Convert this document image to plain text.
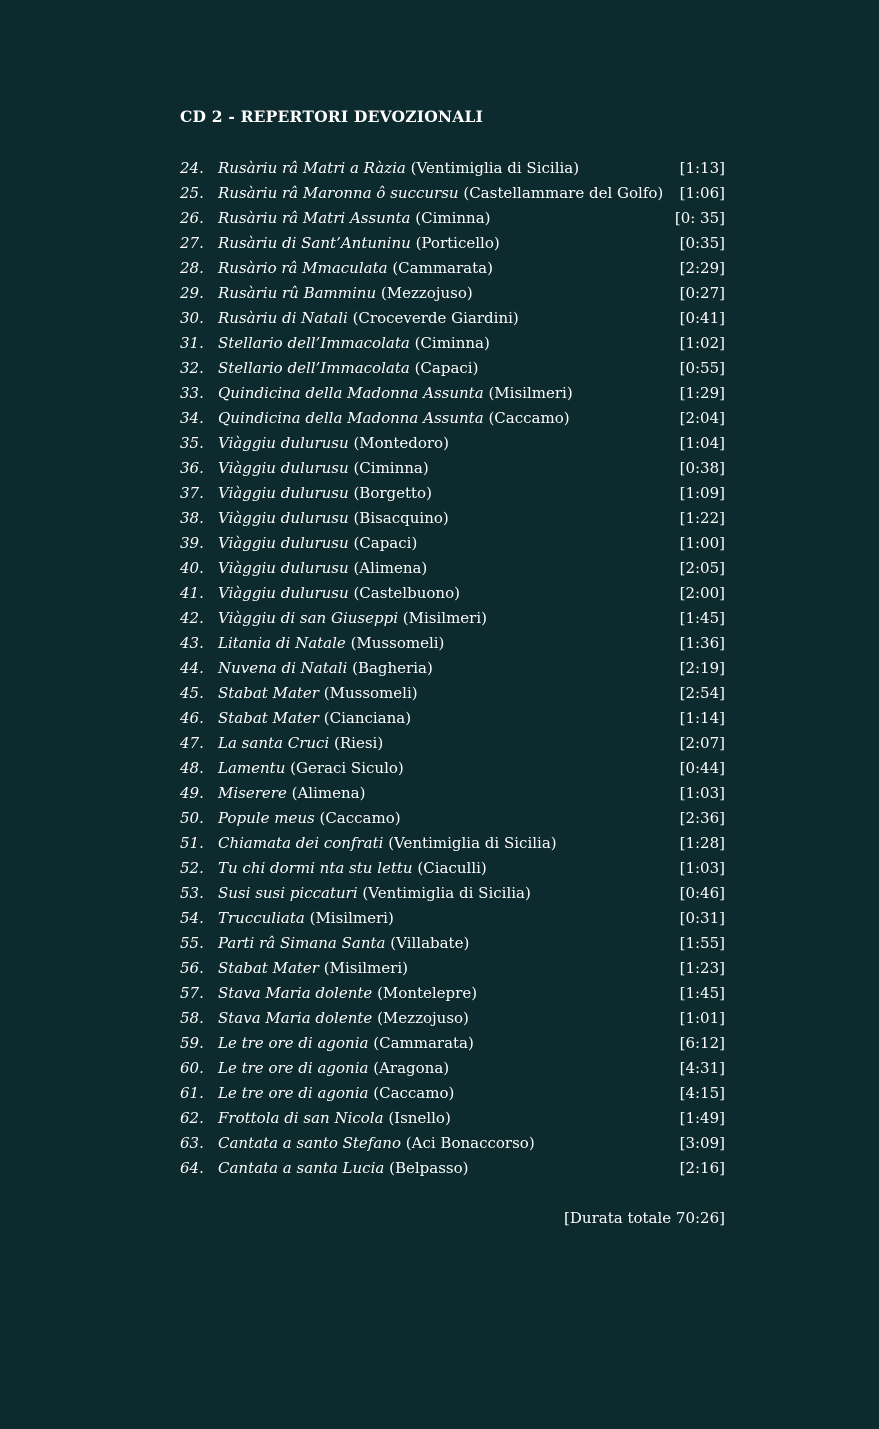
CD 2 - REPERTORI DEVOZIONALI
24. Rusàriu râ Matri a Ràzia (Ventimiglia di Sicilia)	[1:13]
25. Rusàriu râ Maronna ô succursu (Castellammare del Golfo) [1:06]
26. Rusàriu râ Matri Assunta (Ciminna)	[0: 35]
27. Rusàriu di Sant’Antuninu (Porticello)	[0:35]
28. Rusàrio râ Mmaculata (Cammarata)	[2:29]
29. Rusàriu rû Bamminu (Mezzojuso)	[0:27]
30. Rusàriu di Natali (Croceverde Giardini)	[0:41]
31. Stellario dell’Immacolata (Ciminna)	[1:02]
32. Stellario dell’Immacolata (Capaci)	[0:55]
33. Quindicina della Madonna Assunta (Misilmeri)	[1:29]
34. Quindicina della Madonna Assunta (Caccamo)	[2:04]
35. Viàggiu dulurusu (Montedoro)	[1:04]
36. Viàggiu dulurusu (Ciminna)	[0:38]
37. Viàggiu dulurusu (Borgetto)	[1:09]
38. Viàggiu dulurusu (Bisacquino)	[1:22]
39. Viàggiu dulurusu (Capaci)	[1:00]
40. Viàggiu dulurusu (Alimena)	[2:05]
41. Viàggiu dulurusu (Castelbuono)	[2:00]
42. Viàggiu di san Giuseppi (Misilmeri)	[1:45]
43. Litania di Natale (Mussomeli)	[1:36]
44. Nuvena di Natali (Bagheria)	[2:19]
45. Stabat Mater (Mussomeli)	[2:54]
46. Stabat Mater (Cianciana)	[1:14]
47. La santa Cruci (Riesi)	[2:07]
48. Lamentu (Geraci Siculo)	[0:44]
49. Miserere (Alimena)	[1:03]
50. Popule meus (Caccamo)	[2:36]
51. Chiamata dei confrati (Ventimiglia di Sicilia)	[1:28]
52. Tu chi dormi nta stu lettu (Ciaculli)	[1:03]
53. Susi susi piccaturi (Ventimiglia di Sicilia)	[0:46]
54. Trucculiata (Misilmeri)	[0:31]
55. Parti râ Simana Santa (Villabate)	[1:55]
56. Stabat Mater (Misilmeri)	[1:23]
57. Stava Maria dolente (Montelepre)	[1:45]
58. Stava Maria dolente (Mezzojuso)	[1:01]
59. Le tre ore di agonia (Cammarata)	[6:12]
60. Le tre ore di agonia (Aragona)	[4:31]
61. Le tre ore di agonia (Caccamo)	[4:15]
62. Frottola di san Nicola (Isnello)	[1:49]
63. Cantata a santo Stefano (Aci Bonaccorso)	[3:09]
64. Cantata a santa Lucia (Belpasso)	[2:16]
[Durata totale 70:26]
